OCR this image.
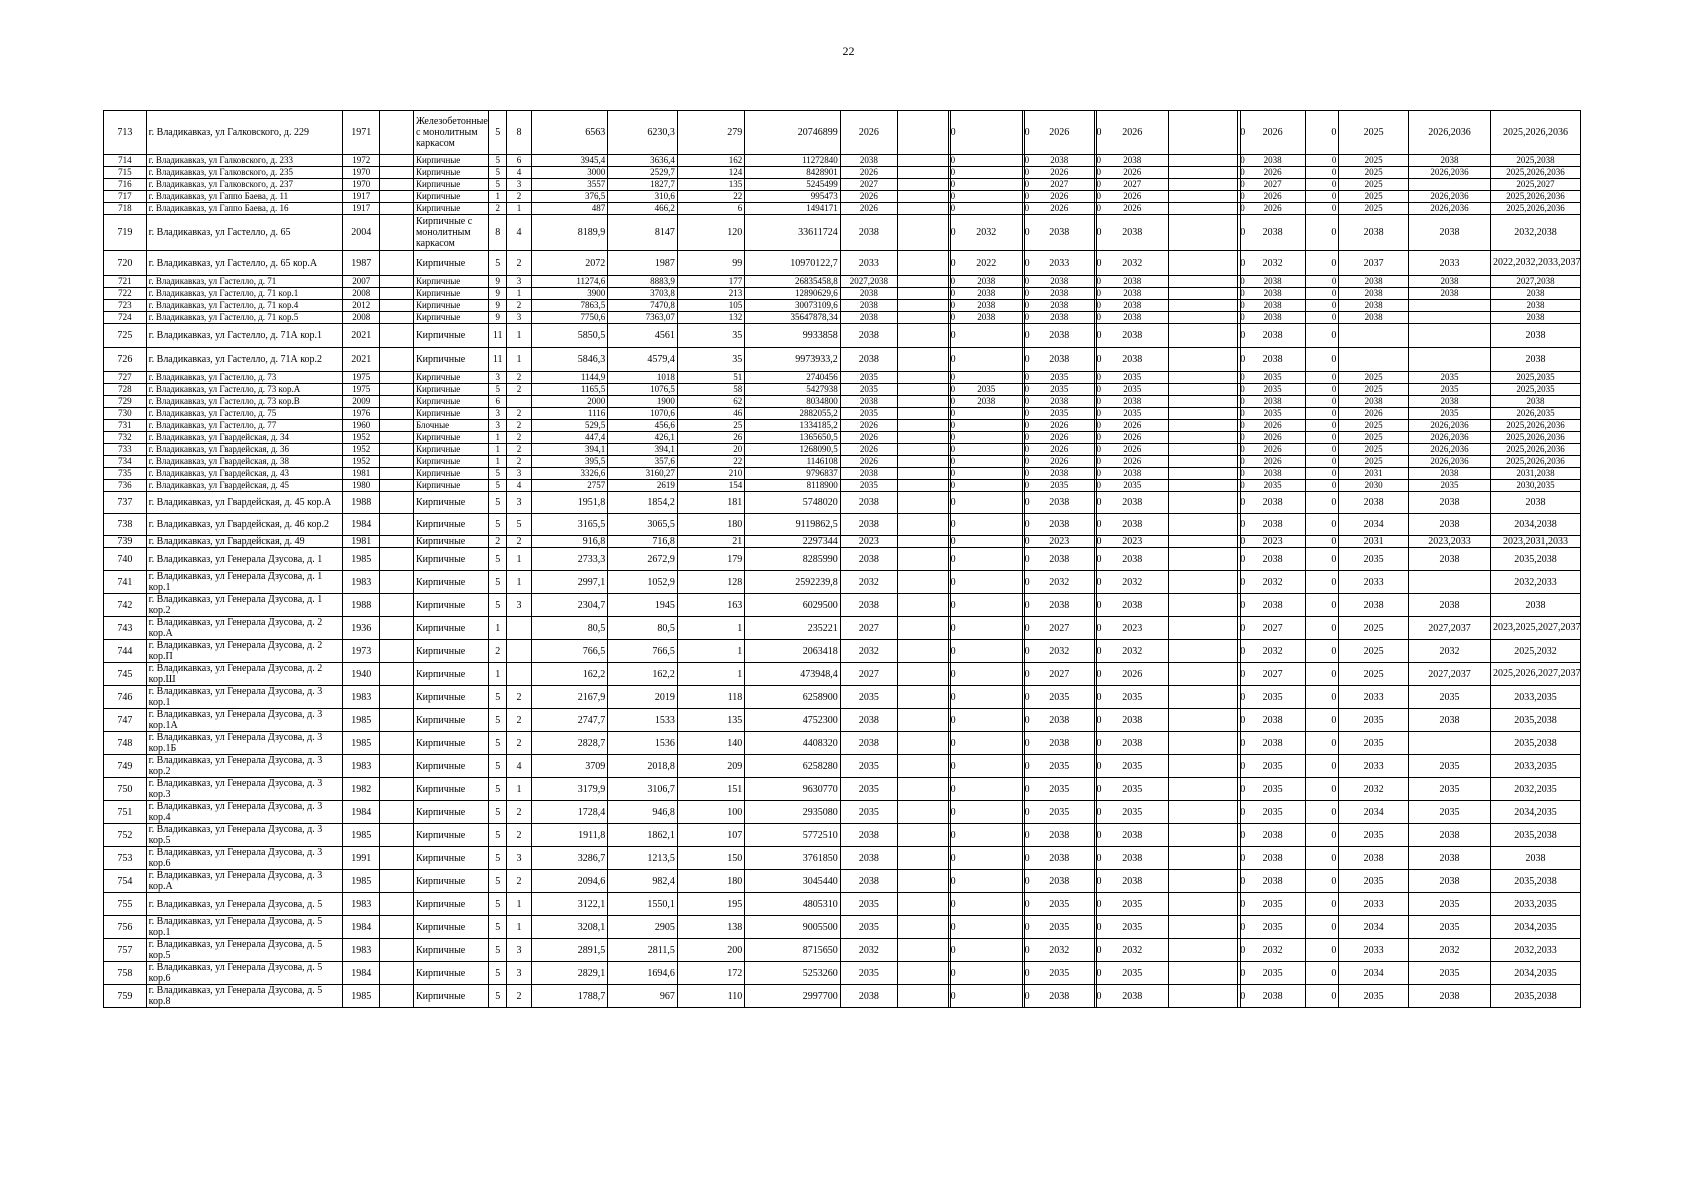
22
713	г. Владикавказ, ул Галковского, д. 229	1971		Железобетонные с монолитным каркасом	5	8	6563	6230,3	279	20746899	2026		0		0	2026	0	2026		0	2026	0	2025	2026,2036	2025,2026,2036
714	г. Владикавказ, ул Галковского, д. 233	1972		Кирпичные	5	6	3945,4	3636,4	162	11272840	2038		0		0	2038	0	2038		0	2038	0	2025	2038	2025,2038
715	г. Владикавказ, ул Галковского, д. 235	1970		Кирпичные	5	4	3000	2529,7	124	8428901	2026		0		0	2026	0	2026		0	2026	0	2025	2026,2036	2025,2026,2036
716	г. Владикавказ, ул Галковского, д. 237	1970		Кирпичные	5	3	3557	1827,7	135	5245499	2027		0		0	2027	0	2027		0	2027	0	2025		2025,2027
717	г. Владикавказ, ул Гаппо Баева, д. 11	1917		Кирпичные	1	2	376,5	310,6	22	995473	2026		0		0	2026	0	2026		0	2026	0	2025	2026,2036	2025,2026,2036
718	г. Владикавказ, ул Гаппо Баева, д. 16	1917		Кирпичные	2	1	487	466,2	6	1494171	2026		0		0	2026	0	2026		0	2026	0	2025	2026,2036	2025,2026,2036
719	г. Владикавказ, ул Гастелло, д. 65	2004		Кирпичные с монолитным каркасом	8	4	8189,9	8147	120	33611724	2038		0	2032	0	2038	0	2038		0	2038	0	2038	2038	2032,2038
720	г. Владикавказ, ул Гастелло, д. 65 кор.А	1987		Кирпичные	5	2	2072	1987	99	10970122,7	2033		0	2022	0	2033	0	2032		0	2032	0	2037	2033	2022,2032,2033,2037
721	г. Владикавказ, ул Гастелло, д. 71	2007		Кирпичные	9	3	11274,6	8883,9	177	26835458,8	2027,2038		0	2038	0	2038	0	2038		0	2038	0	2038	2038	2027,2038
722	г. Владикавказ, ул Гастелло, д. 71 кор.1	2008		Кирпичные	9	1	3900	3703,8	213	12890629,6	2038		0	2038	0	2038	0	2038		0	2038	0	2038	2038	2038
723	г. Владикавказ, ул Гастелло, д. 71 кор.4	2012		Кирпичные	9	2	7863,5	7470,8	105	30073109,6	2038		0	2038	0	2038	0	2038		0	2038	0	2038		2038
724	г. Владикавказ, ул Гастелло, д. 71 кор.5	2008		Кирпичные	9	3	7750,6	7363,07	132	35647878,34	2038		0	2038	0	2038	0	2038		0	2038	0	2038		2038
725	г. Владикавказ, ул Гастелло, д. 71А кор.1	2021		Кирпичные	11	1	5850,5	4561	35	9933858	2038		0		0	2038	0	2038		0	2038	0			2038
726	г. Владикавказ, ул Гастелло, д. 71А кор.2	2021		Кирпичные	11	1	5846,3	4579,4	35	9973933,2	2038		0		0	2038	0	2038		0	2038	0			2038
727	г. Владикавказ, ул Гастелло, д. 73	1975		Кирпичные	3	2	1144,9	1018	51	2740456	2035		0		0	2035	0	2035		0	2035	0	2025	2035	2025,2035
728	г. Владикавказ, ул Гастелло, д. 73 кор.А	1975		Кирпичные	5	2	1165,5	1076,5	58	5427938	2035		0	2035	0	2035	0	2035		0	2035	0	2025	2035	2025,2035
729	г. Владикавказ, ул Гастелло, д. 73 кор.В	2009		Кирпичные	6		2000	1900	62	8034800	2038		0	2038	0	2038	0	2038		0	2038	0	2038	2038	2038
730	г. Владикавказ, ул Гастелло, д. 75	1976		Кирпичные	3	2	1116	1070,6	46	2882055,2	2035		0		0	2035	0	2035		0	2035	0	2026	2035	2026,2035
731	г. Владикавказ, ул Гастелло, д. 77	1960		Блочные	3	2	529,5	456,6	25	1334185,2	2026		0		0	2026	0	2026		0	2026	0	2025	2026,2036	2025,2026,2036
732	г. Владикавказ, ул Гвардейская, д. 34	1952		Кирпичные	1	2	447,4	426,1	26	1365650,5	2026		0		0	2026	0	2026		0	2026	0	2025	2026,2036	2025,2026,2036
733	г. Владикавказ, ул Гвардейская, д. 36	1952		Кирпичные	1	2	394,1	394,1	20	1268090,5	2026		0		0	2026	0	2026		0	2026	0	2025	2026,2036	2025,2026,2036
734	г. Владикавказ, ул Гвардейская, д. 38	1952		Кирпичные	1	2	395,5	357,6	22	1146108	2026		0		0	2026	0	2026		0	2026	0	2025	2026,2036	2025,2026,2036
735	г. Владикавказ, ул Гвардейская, д. 43	1981		Кирпичные	5	3	3326,6	3160,27	210	9796837	2038		0		0	2038	0	2038		0	2038	0	2031	2038	2031,2038
736	г. Владикавказ, ул Гвардейская, д. 45	1980		Кирпичные	5	4	2757	2619	154	8118900	2035		0		0	2035	0	2035		0	2035	0	2030	2035	2030,2035
737	г. Владикавказ, ул Гвардейская, д. 45 кор.А	1988		Кирпичные	5	3	1951,8	1854,2	181	5748020	2038		0		0	2038	0	2038		0	2038	0	2038	2038	2038
738	г. Владикавказ, ул Гвардейская, д. 46 кор.2	1984		Кирпичные	5	5	3165,5	3065,5	180	9119862,5	2038		0		0	2038	0	2038		0	2038	0	2034	2038	2034,2038
739	г. Владикавказ, ул Гвардейская, д. 49	1981		Кирпичные	2	2	916,8	716,8	21	2297344	2023		0		0	2023	0	2023		0	2023	0	2031	2023,2033	2023,2031,2033
740	г. Владикавказ, ул Генерала Дзусова, д. 1	1985		Кирпичные	5	1	2733,3	2672,9	179	8285990	2038		0		0	2038	0	2038		0	2038	0	2035	2038	2035,2038
741	г. Владикавказ, ул Генерала Дзусова, д. 1 кор.1	1983		Кирпичные	5	1	2997,1	1052,9	128	2592239,8	2032		0		0	2032	0	2032		0	2032	0	2033		2032,2033
742	г. Владикавказ, ул Генерала Дзусова, д. 1 кор.2	1988		Кирпичные	5	3	2304,7	1945	163	6029500	2038		0		0	2038	0	2038		0	2038	0	2038	2038	2038
743	г. Владикавказ, ул Генерала Дзусова, д. 2 кор.А	1936		Кирпичные	1		80,5	80,5	1	235221	2027		0		0	2027	0	2023		0	2027	0	2025	2027,2037	2023,2025,2027,2037
744	г. Владикавказ, ул Генерала Дзусова, д. 2 кор.П	1973		Кирпичные	2		766,5	766,5	1	2063418	2032		0		0	2032	0	2032		0	2032	0	2025	2032	2025,2032
745	г. Владикавказ, ул Генерала Дзусова, д. 2 кор.Ш	1940		Кирпичные	1		162,2	162,2	1	473948,4	2027		0		0	2027	0	2026		0	2027	0	2025	2027,2037	2025,2026,2027,2037
746	г. Владикавказ, ул Генерала Дзусова, д. 3 кор.1	1983		Кирпичные	5	2	2167,9	2019	118	6258900	2035		0		0	2035	0	2035		0	2035	0	2033	2035	2033,2035
747	г. Владикавказ, ул Генерала Дзусова, д. 3 кор.1А	1985		Кирпичные	5	2	2747,7	1533	135	4752300	2038		0		0	2038	0	2038		0	2038	0	2035	2038	2035,2038
748	г. Владикавказ, ул Генерала Дзусова, д. 3 кор.1Б	1985		Кирпичные	5	2	2828,7	1536	140	4408320	2038		0		0	2038	0	2038		0	2038	0	2035		2035,2038
749	г. Владикавказ, ул Генерала Дзусова, д. 3 кор.2	1983		Кирпичные	5	4	3709	2018,8	209	6258280	2035		0		0	2035	0	2035		0	2035	0	2033	2035	2033,2035
750	г. Владикавказ, ул Генерала Дзусова, д. 3 кор.3	1982		Кирпичные	5	1	3179,9	3106,7	151	9630770	2035		0		0	2035	0	2035		0	2035	0	2032	2035	2032,2035
751	г. Владикавказ, ул Генерала Дзусова, д. 3 кор.4	1984		Кирпичные	5	2	1728,4	946,8	100	2935080	2035		0		0	2035	0	2035		0	2035	0	2034	2035	2034,2035
752	г. Владикавказ, ул Генерала Дзусова, д. 3 кор.5	1985		Кирпичные	5	2	1911,8	1862,1	107	5772510	2038		0		0	2038	0	2038		0	2038	0	2035	2038	2035,2038
753	г. Владикавказ, ул Генерала Дзусова, д. 3 кор.6	1991		Кирпичные	5	3	3286,7	1213,5	150	3761850	2038		0		0	2038	0	2038		0	2038	0	2038	2038	2038
754	г. Владикавказ, ул Генерала Дзусова, д. 3 кор.А	1985		Кирпичные	5	2	2094,6	982,4	180	3045440	2038		0		0	2038	0	2038		0	2038	0	2035	2038	2035,2038
755	г. Владикавказ, ул Генерала Дзусова, д. 5	1983		Кирпичные	5	1	3122,1	1550,1	195	4805310	2035		0		0	2035	0	2035		0	2035	0	2033	2035	2033,2035
756	г. Владикавказ, ул Генерала Дзусова, д. 5 кор.1	1984		Кирпичные	5	1	3208,1	2905	138	9005500	2035		0		0	2035	0	2035		0	2035	0	2034	2035	2034,2035
757	г. Владикавказ, ул Генерала Дзусова, д. 5 кор.5	1983		Кирпичные	5	3	2891,5	2811,5	200	8715650	2032		0		0	2032	0	2032		0	2032	0	2033	2032	2032,2033
758	г. Владикавказ, ул Генерала Дзусова, д. 5 кор.6	1984		Кирпичные	5	3	2829,1	1694,6	172	5253260	2035		0		0	2035	0	2035		0	2035	0	2034	2035	2034,2035
759	г. Владикавказ, ул Генерала Дзусова, д. 5 кор.8	1985		Кирпичные	5	2	1788,7	967	110	2997700	2038		0		0	2038	0	2038		0	2038	0	2035	2038	2035,2038
